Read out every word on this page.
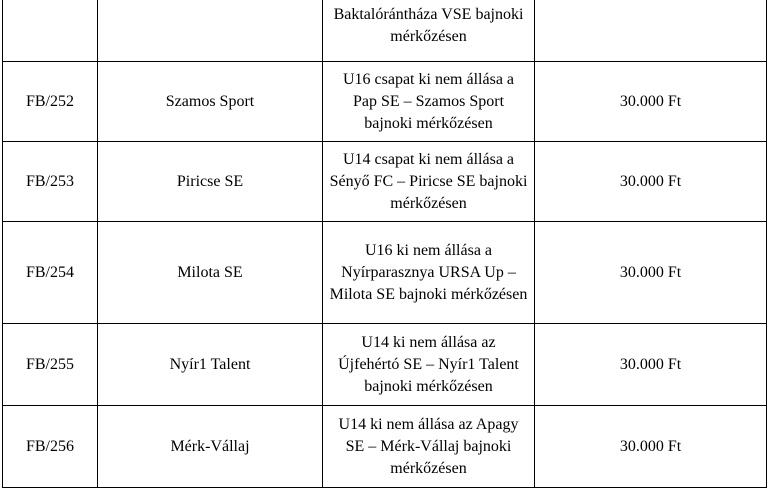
		Baktalórántháza VSE bajnoki mérkőzésen	
FB/252	Szamos Sport	U16 csapat ki nem állása a Pap SE – Szamos Sport bajnoki mérkőzésen	30.000 Ft
FB/253	Piricse SE	U14 csapat ki nem állása a Sényő FC – Piricse SE bajnoki mérkőzésen	30.000 Ft
FB/254	Milota SE	U16 ki nem állása a Nyírparasznya URSA Up – Milota SE bajnoki mérkőzésen	30.000 Ft
FB/255	Nyír1 Talent	U14 ki nem állása az Újfehértó SE – Nyír1 Talent bajnoki mérkőzésen	30.000 Ft
FB/256	Mérk-Vállaj	U14 ki nem állása az Apagy SE – Mérk-Vállaj bajnoki mérkőzésen	30.000 Ft
